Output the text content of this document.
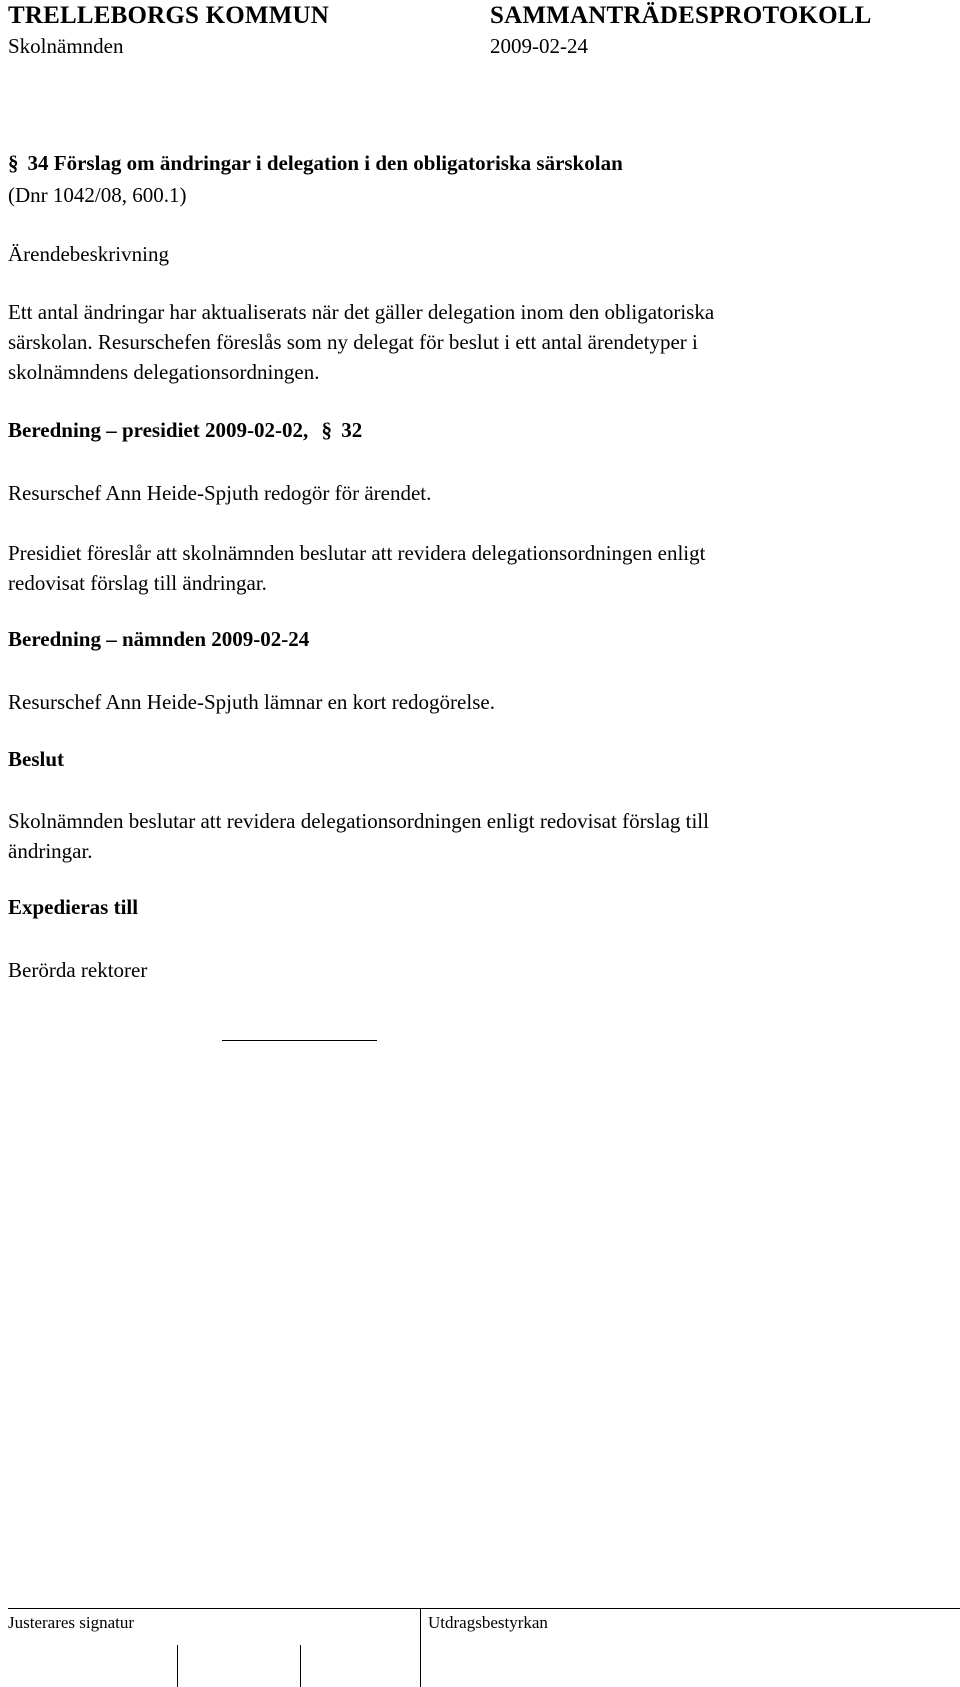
TRELLEBORGS KOMMUN	SAMMANTRÄDESPROTOKOLL
Skolnämnden	2009-02-24
§ 34 Förslag om ändringar i delegation i den obligatoriska särskolan
(Dnr 1042/08, 600.1)
Ärendebeskrivning
Ett antal ändringar har aktualiserats när det gäller delegation inom den obligatoriska
särskolan. Resurschefen föreslås som ny delegat för beslut i ett antal ärendetyper i
skolnämndens delegationsordningen.
Beredning – presidiet 2009-02-02, § 32
Resurschef Ann Heide-Spjuth redogör för ärendet.
Presidiet föreslår att skolnämnden beslutar att revidera delegationsordningen enligt
redovisat förslag till ändringar.
Beredning – nämnden 2009-02-24
Resurschef Ann Heide-Spjuth lämnar en kort redogörelse.
Beslut
Skolnämnden beslutar att revidera delegationsordningen enligt redovisat förslag till
ändringar.
Expedieras till
Berörda rektorer
Justerares signatur	Utdragsbestyrkan
